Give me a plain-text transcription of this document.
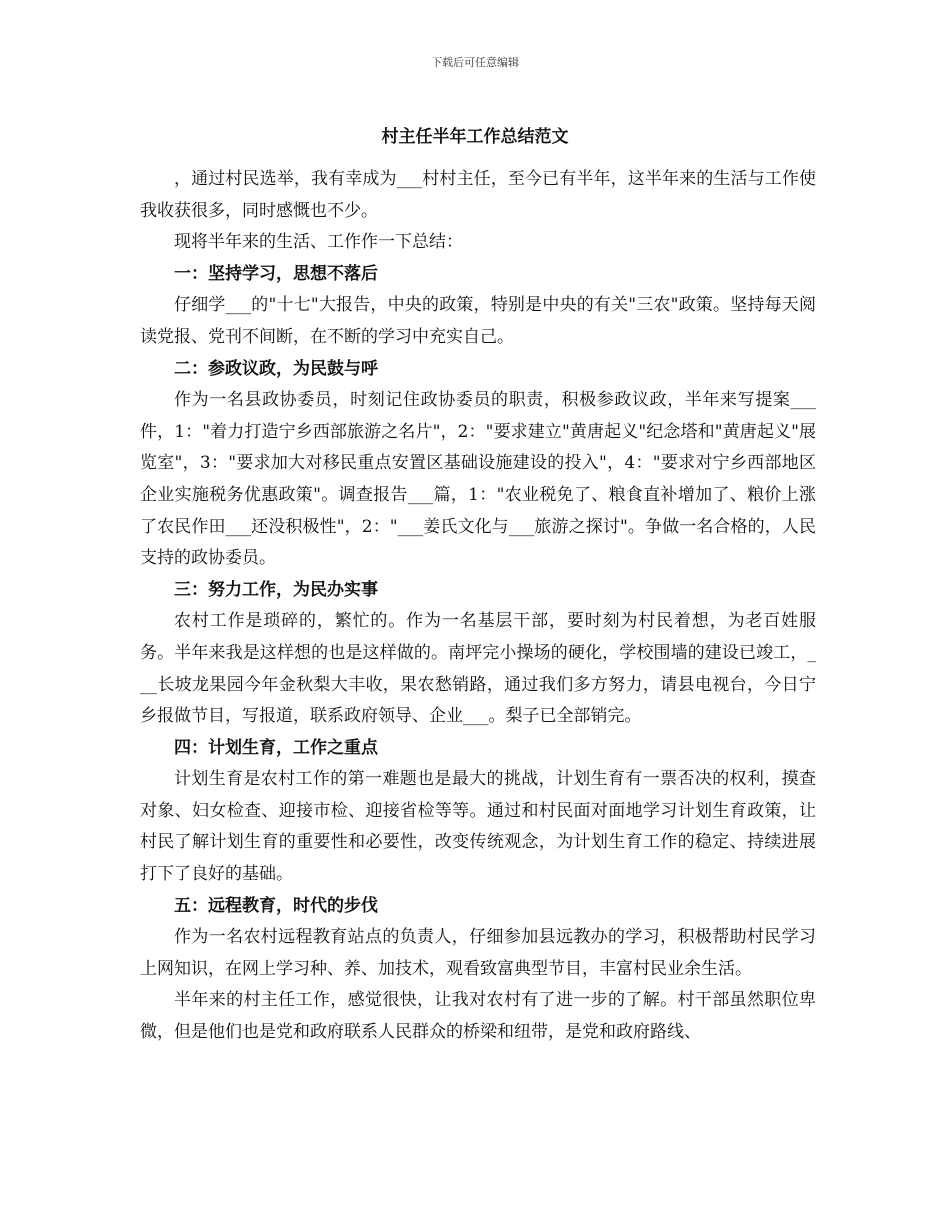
下载后可任意编辑
村主任半年工作总结范文

，通过村民选举，我有幸成为___村村主任，至今已有半年，这半年来的生活与工作使我收获很多，同时感慨也不少。

现将半年来的生活、工作作一下总结：

一：坚持学习，思想不落后

仔细学___的"十七"大报告，中央的政策，特别是中央的有关"三农"政策。坚持每天阅读党报、党刊不间断，在不断的学习中充实自己。

二：参政议政，为民鼓与呼

作为一名县政协委员，时刻记住政协委员的职责，积极参政议政，半年来写提案___件，1："着力打造宁乡西部旅游之名片"，2："要求建立"黄唐起义"纪念塔和"黄唐起义"展览室"，3："要求加大对移民重点安置区基础设施建设的投入"，4："要求对宁乡西部地区企业实施税务优惠政策"。调查报告___篇，1："农业税免了、粮食直补增加了、粮价上涨了农民作田___还没积极性"，2："___姜氏文化与___旅游之探讨"。争做一名合格的，人民支持的政协委员。

三：努力工作，为民办实事

农村工作是琐碎的，繁忙的。作为一名基层干部，要时刻为村民着想，为老百姓服务。半年来我是这样想的也是这样做的。南坪完小操场的硬化，学校围墙的建设已竣工，___长坡龙果园今年金秋梨大丰收，果农愁销路，通过我们多方努力，请县电视台，今日宁乡报做节目，写报道，联系政府领导、企业___。梨子已全部销完。

四：计划生育，工作之重点

计划生育是农村工作的第一难题也是最大的挑战，计划生育有一票否决的权利，摸查对象、妇女检查、迎接市检、迎接省检等等。通过和村民面对面地学习计划生育政策，让村民了解计划生育的重要性和必要性，改变传统观念，为计划生育工作的稳定、持续进展打下了良好的基础。

五：远程教育，时代的步伐

作为一名农村远程教育站点的负责人，仔细参加县远教办的学习，积极帮助村民学习上网知识，在网上学习种、养、加技术，观看致富典型节目，丰富村民业余生活。

半年来的村主任工作，感觉很快，让我对农村有了进一步的了解。村干部虽然职位卑微，但是他们也是党和政府联系人民群众的桥梁和纽带，是党和政府路线、
